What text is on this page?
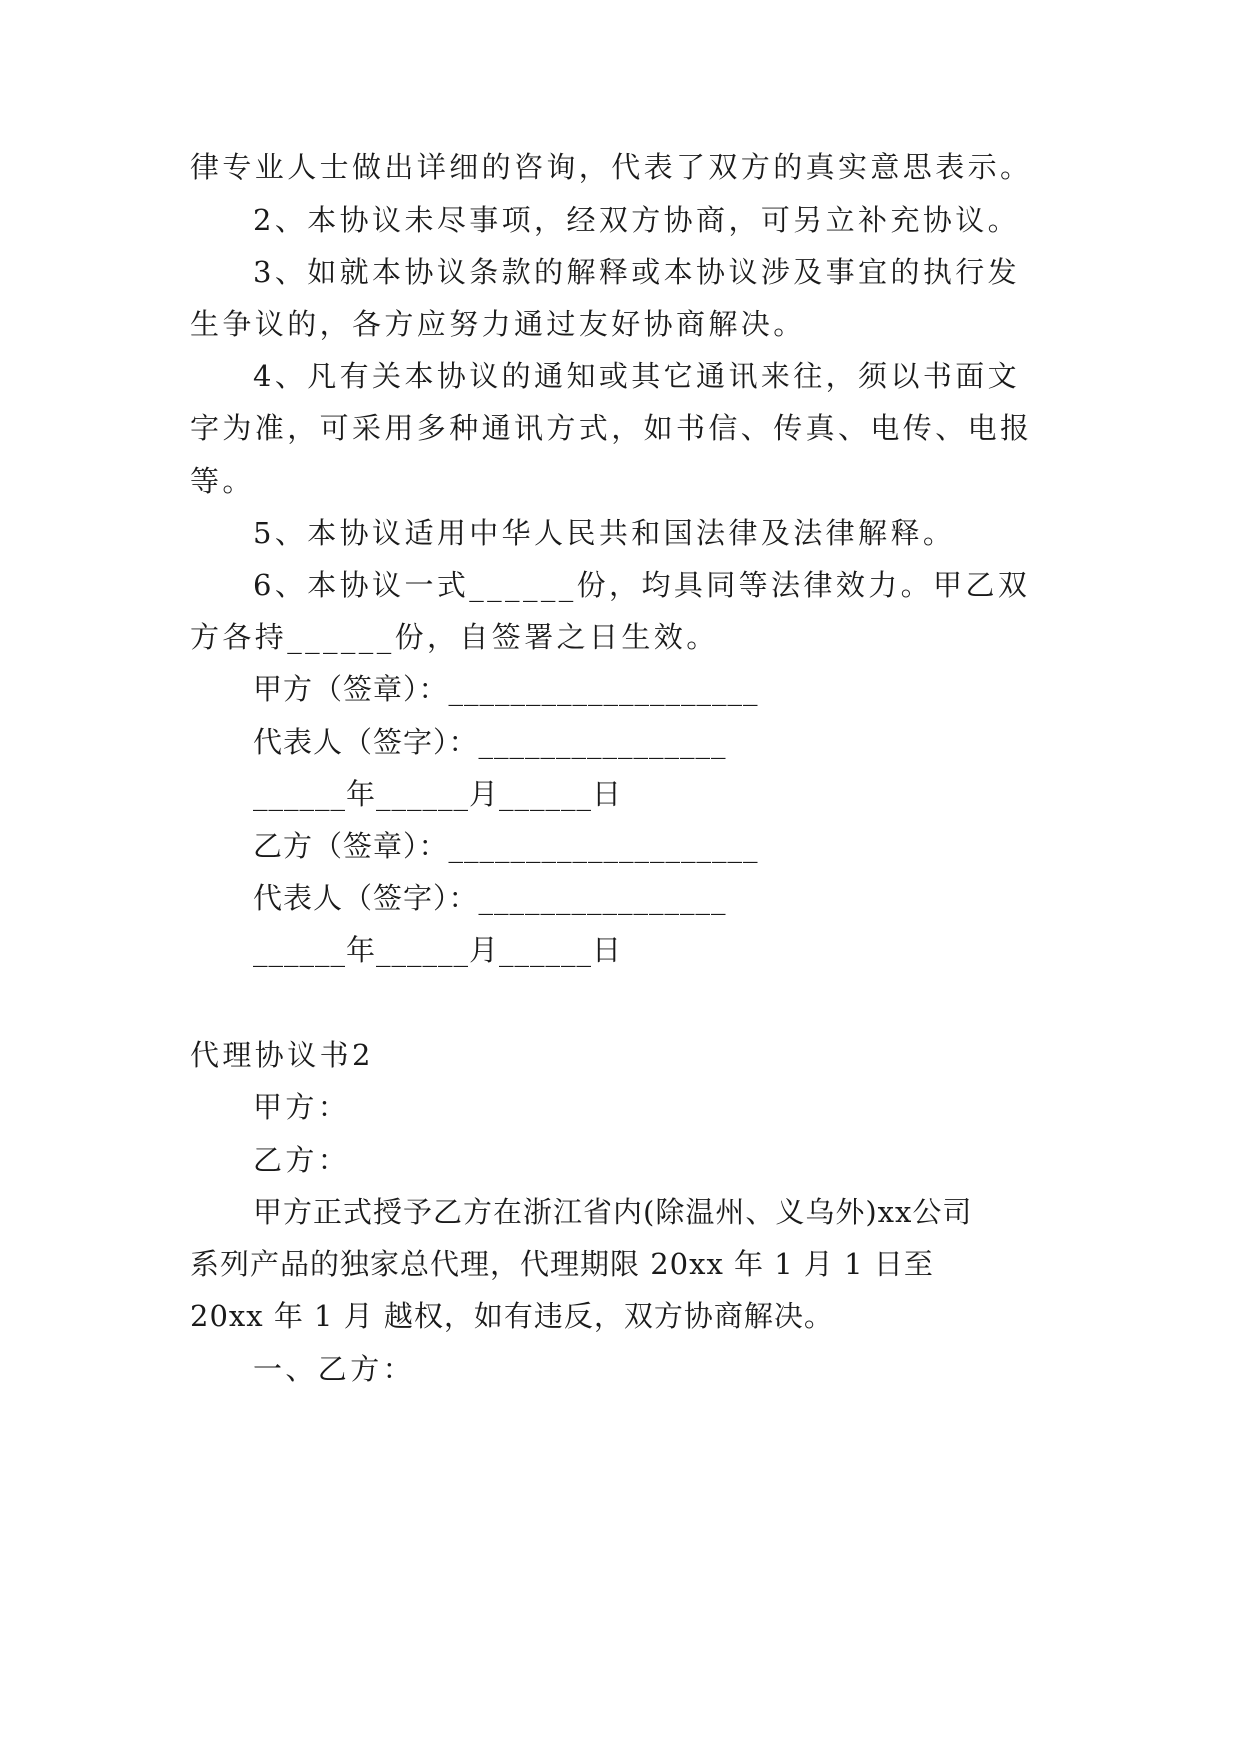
律专业人士做出详细的咨询，代表了双方的真实意思表示。
2、本协议未尽事项，经双方协商，可另立补充协议。
3、如就本协议条款的解释或本协议涉及事宜的执行发
生争议的，各方应努力通过友好协商解决。
4、凡有关本协议的通知或其它通讯来往，须以书面文
字为准，可采用多种通讯方式，如书信、传真、电传、电报
等。
5、本协议适用中华人民共和国法律及法律解释。
6、本协议一式______份，均具同等法律效力。甲乙双
方各持______份，自签署之日生效。
甲方（签章）：____________________
代表人（签字）：________________
______年______月______日
乙方（签章）：____________________
代表人（签字）：________________
______年______月______日
代理协议书2
甲方：
乙方：
甲方正式授予乙方在浙江省内(除温州、义乌外)xx公司
系列产品的独家总代理，代理期限 20xx 年 1 月 1 日至
20xx 年 1 月 越权，如有违反，双方协商解决。
一、乙方：
